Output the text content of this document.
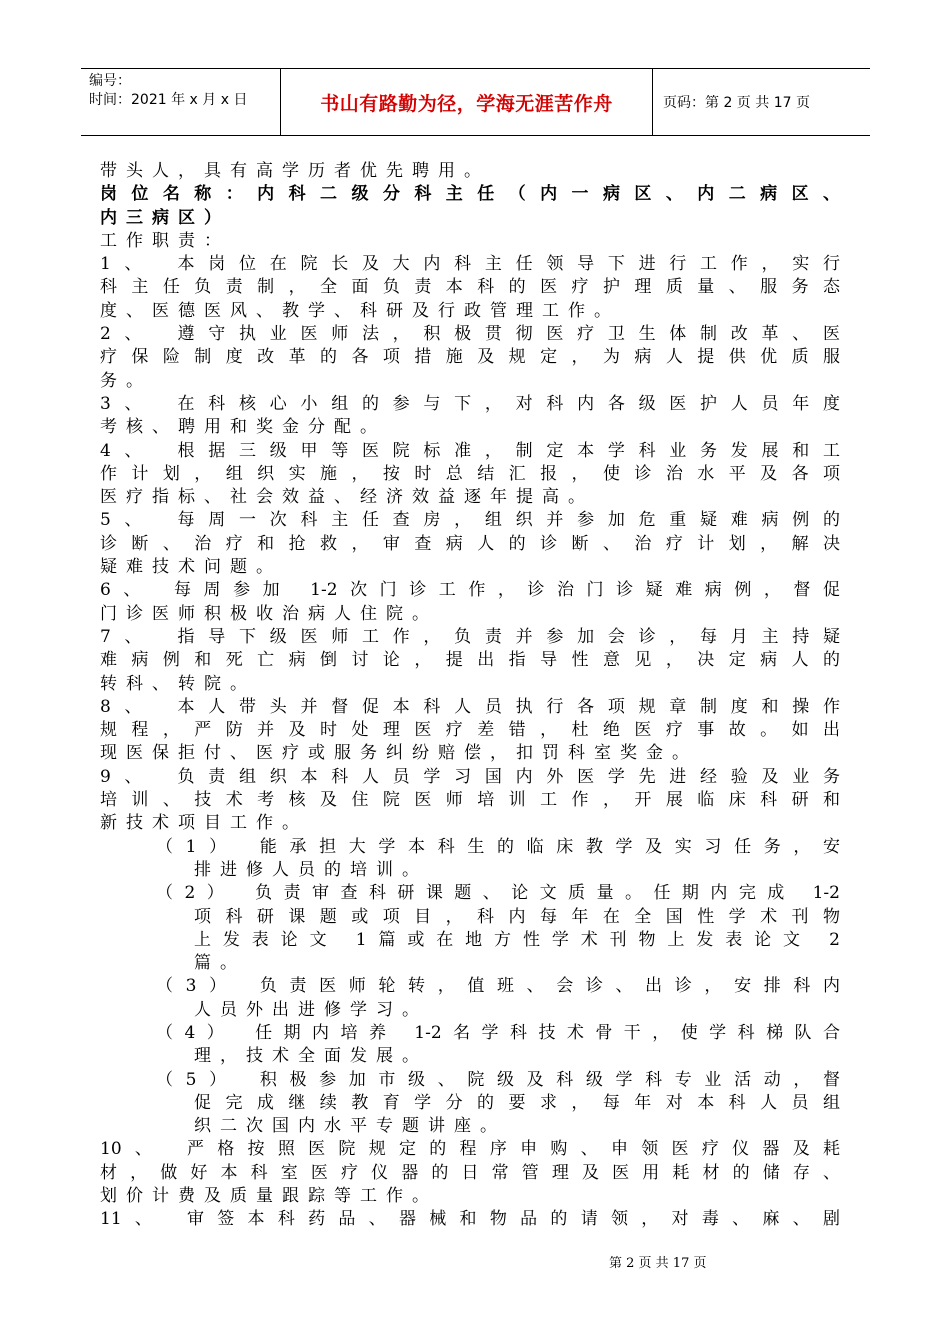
编号：
时间：2021 年 x 月 x 日	书山有路勤为径，学海无涯苦作舟	页码：第 2 页 共 17 页
带头人，具有高学历者优先聘用。
岗位名称：内科二级分科主任（内一病区、内二病区、
内三病区）
工作职责：
1、　本岗位在院长及大内科主任领导下进行工作，实行
科主任负责制，全面负责本科的医疗护理质量、服务态
度、医德医风、教学、科研及行政管理工作。
2、　遵守执业医师法，积极贯彻医疗卫生体制改革、医
疗保险制度改革的各项措施及规定，为病人提供优质服
务。
3、　在科核心小组的参与下，对科内各级医护人员年度
考核、聘用和奖金分配。
4、　根据三级甲等医院标准，制定本学科业务发展和工
作计划，组织实施，按时总结汇报，使诊治水平及各项
医疗指标、社会效益、经济效益逐年提高。
5、　每周一次科主任查房，组织并参加危重疑难病例的
诊断、治疗和抢救，审查病人的诊断、治疗计划，解决
疑难技术问题。
6、　每周参加 1-2次门诊工作，诊治门诊疑难病例，督促
门诊医师积极收治病人住院。
7、　指导下级医师工作，负责并参加会诊，每月主持疑
难病例和死亡病倒讨论，提出指导性意见，决定病人的
转科、转院。
8、　本人带头并督促本科人员执行各项规章制度和操作
规程，严防并及时处理医疗差错，杜绝医疗事故。如出
现医保拒付、医疗或服务纠纷赔偿，扣罚科室奖金。
9、　负责组织本科人员学习国内外医学先进经验及业务
培训、技术考核及住院医师培训工作，开展临床科研和
新技术项目工作。
（1）　能承担大学本科生的临床教学及实习任务，安
排进修人员的培训。
（2）　负责审查科研课题、论文质量。任期内完成 1-2
项科研课题或项目，科内每年在全国性学术刊物
上发表论文 1篇或在地方性学术刊物上发表论文 2
篇。
（3）　负责医师轮转，值班、会诊、出诊，安排科内
人员外出进修学习。
（4）　任期内培养 1-2名学科技术骨干，使学科梯队合
理，技术全面发展。
（5）　积极参加市级、院级及科级学科专业活动，督
促完成继续教育学分的要求，每年对本科人员组
织二次国内水平专题讲座。
10、　严格按照医院规定的程序申购、申领医疗仪器及耗
材，做好本科室医疗仪器的日常管理及医用耗材的储存、
划价计费及质量跟踪等工作。
11、　审签本科药品、器械和物品的请领，对毒、麻、剧
第 2 页 共 17 页
